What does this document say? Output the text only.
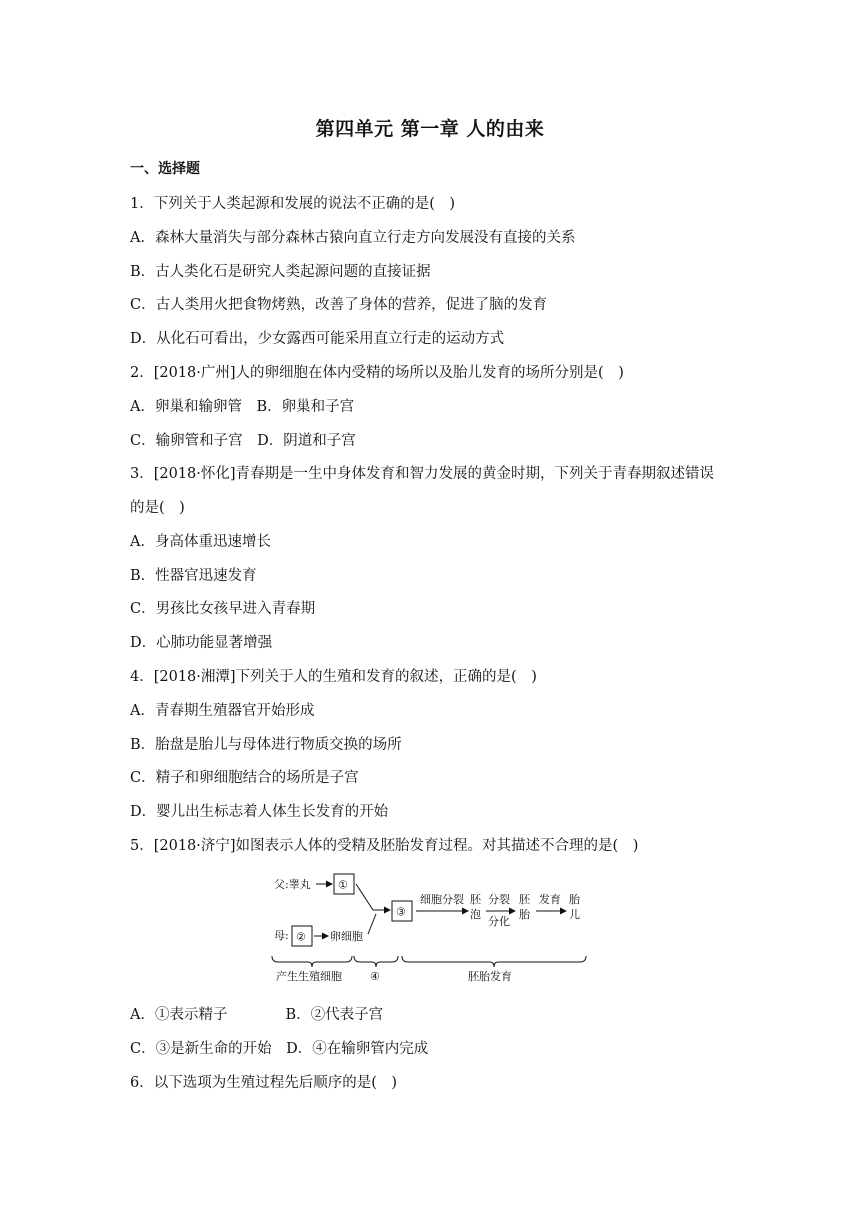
第四单元 第一章 人的由来
一、选择题
1．下列关于人类起源和发展的说法不正确的是(　)
A．森林大量消失与部分森林古猿向直立行走方向发展没有直接的关系
B．古人类化石是研究人类起源问题的直接证据
C．古人类用火把食物烤熟，改善了身体的营养，促进了脑的发育
D．从化石可看出，少女露西可能采用直立行走的运动方式
2．[2018·广州]人的卵细胞在体内受精的场所以及胎儿发育的场所分别是(　)
A．卵巢和输卵管　B．卵巢和子宫
C．输卵管和子宫　D．阴道和子宫
3．[2018·怀化]青春期是一生中身体发育和智力发展的黄金时期，下列关于青春期叙述错误
的是(　)
A．身高体重迅速增长
B．性器官迅速发育
C．男孩比女孩早进入青春期
D．心肺功能显著增强
4．[2018·湘潭]下列关于人的生殖和发育的叙述，正确的是(　)
A．青春期生殖器官开始形成
B．胎盘是胎儿与母体进行物质交换的场所
C．精子和卵细胞结合的场所是子宫
D．婴儿出生标志着人体生长发育的开始
5．[2018·济宁]如图表示人体的受精及胚胎发育过程。对其描述不合理的是(　)
父:睾丸 ①
母: ② 卵细胞
③
细胞分裂 胚
泡
分裂
分化
胚
胎
发育 胎
儿
产生生殖细胞	④	胚胎发育
A．①表示精子　　　　B．②代表子宫
C．③是新生命的开始　D．④在输卵管内完成
6．以下选项为生殖过程先后顺序的是(　)
